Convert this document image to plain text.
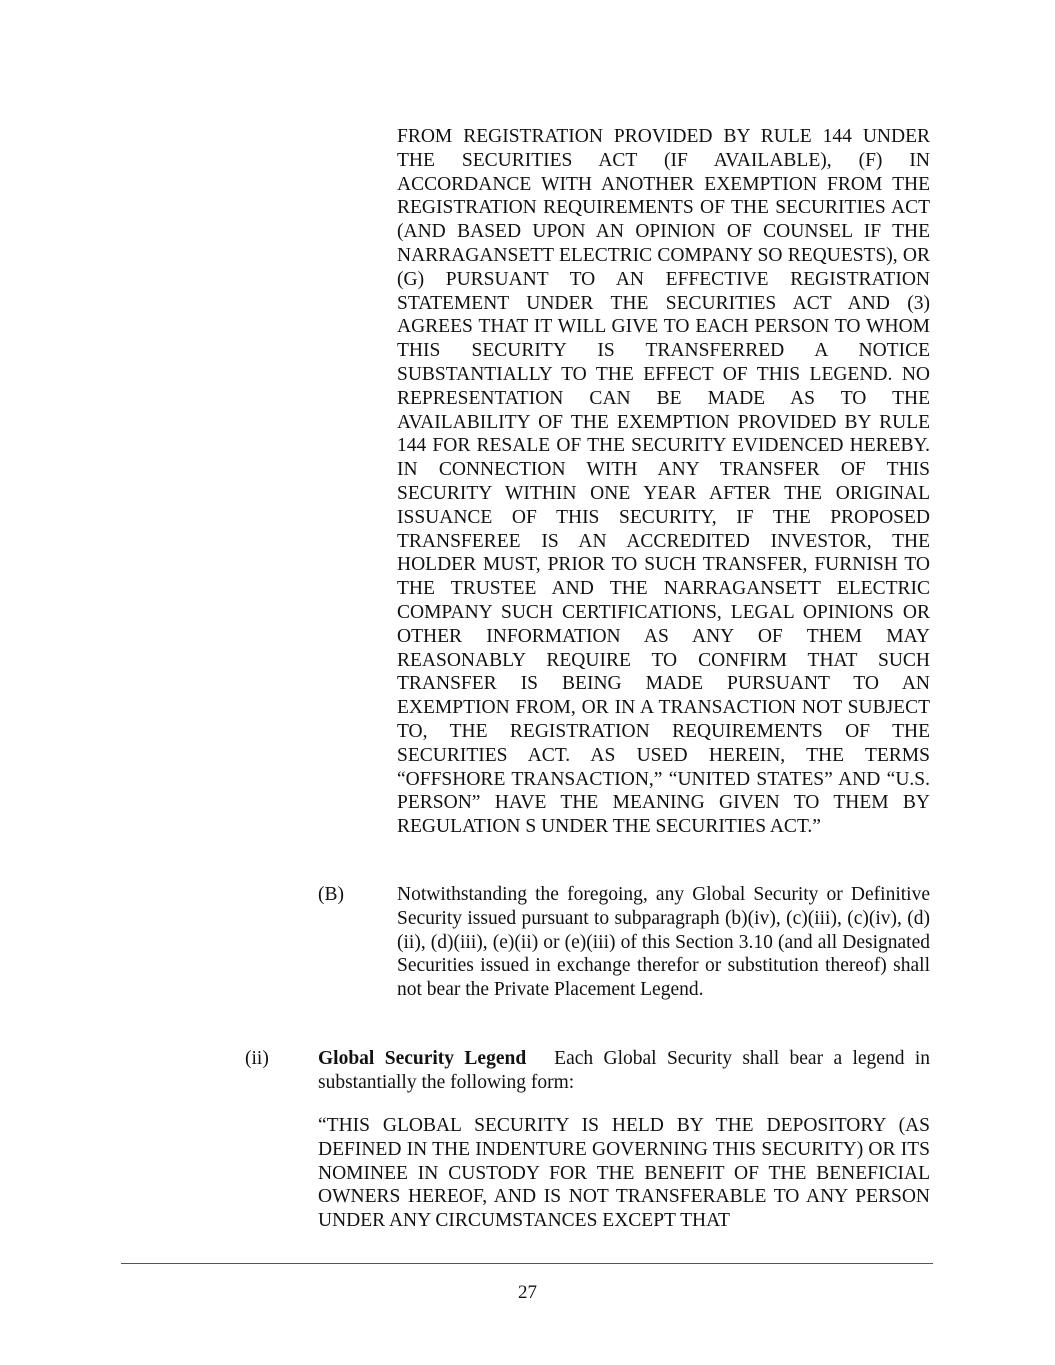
FROM REGISTRATION PROVIDED BY RULE 144 UNDER THE SECURITIES ACT (IF AVAILABLE), (F) IN ACCORDANCE WITH ANOTHER EXEMPTION FROM THE REGISTRATION REQUIREMENTS OF THE SECURITIES ACT (AND BASED UPON AN OPINION OF COUNSEL IF THE NARRAGANSETT ELECTRIC COMPANY SO REQUESTS), OR (G) PURSUANT TO AN EFFECTIVE REGISTRATION STATEMENT UNDER THE SECURITIES ACT AND (3) AGREES THAT IT WILL GIVE TO EACH PERSON TO WHOM THIS SECURITY IS TRANSFERRED A NOTICE SUBSTANTIALLY TO THE EFFECT OF THIS LEGEND. NO REPRESENTATION CAN BE MADE AS TO THE AVAILABILITY OF THE EXEMPTION PROVIDED BY RULE 144 FOR RESALE OF THE SECURITY EVIDENCED HEREBY. IN CONNECTION WITH ANY TRANSFER OF THIS SECURITY WITHIN ONE YEAR AFTER THE ORIGINAL ISSUANCE OF THIS SECURITY, IF THE PROPOSED TRANSFEREE IS AN ACCREDITED INVESTOR, THE HOLDER MUST, PRIOR TO SUCH TRANSFER, FURNISH TO THE TRUSTEE AND THE NARRAGANSETT ELECTRIC COMPANY SUCH CERTIFICATIONS, LEGAL OPINIONS OR OTHER INFORMATION AS ANY OF THEM MAY REASONABLY REQUIRE TO CONFIRM THAT SUCH TRANSFER IS BEING MADE PURSUANT TO AN EXEMPTION FROM, OR IN A TRANSACTION NOT SUBJECT TO, THE REGISTRATION REQUIREMENTS OF THE SECURITIES ACT. AS USED HEREIN, THE TERMS “OFFSHORE TRANSACTION,” “UNITED STATES” AND “U.S. PERSON” HAVE THE MEANING GIVEN TO THEM BY REGULATION S UNDER THE SECURITIES ACT.”
(B)	Notwithstanding the foregoing, any Global Security or Definitive Security issued pursuant to subparagraph (b)(iv), (c)(iii), (c)(iv), (d)(ii), (d)(iii), (e)(ii) or (e)(iii) of this Section 3.10 (and all Designated Securities issued in exchange therefor or substitution thereof) shall not bear the Private Placement Legend.
(ii)	Global Security Legend Each Global Security shall bear a legend in substantially the following form:
“THIS GLOBAL SECURITY IS HELD BY THE DEPOSITORY (AS DEFINED IN THE INDENTURE GOVERNING THIS SECURITY) OR ITS NOMINEE IN CUSTODY FOR THE BENEFIT OF THE BENEFICIAL OWNERS HEREOF, AND IS NOT TRANSFERABLE TO ANY PERSON UNDER ANY CIRCUMSTANCES EXCEPT THAT
27
